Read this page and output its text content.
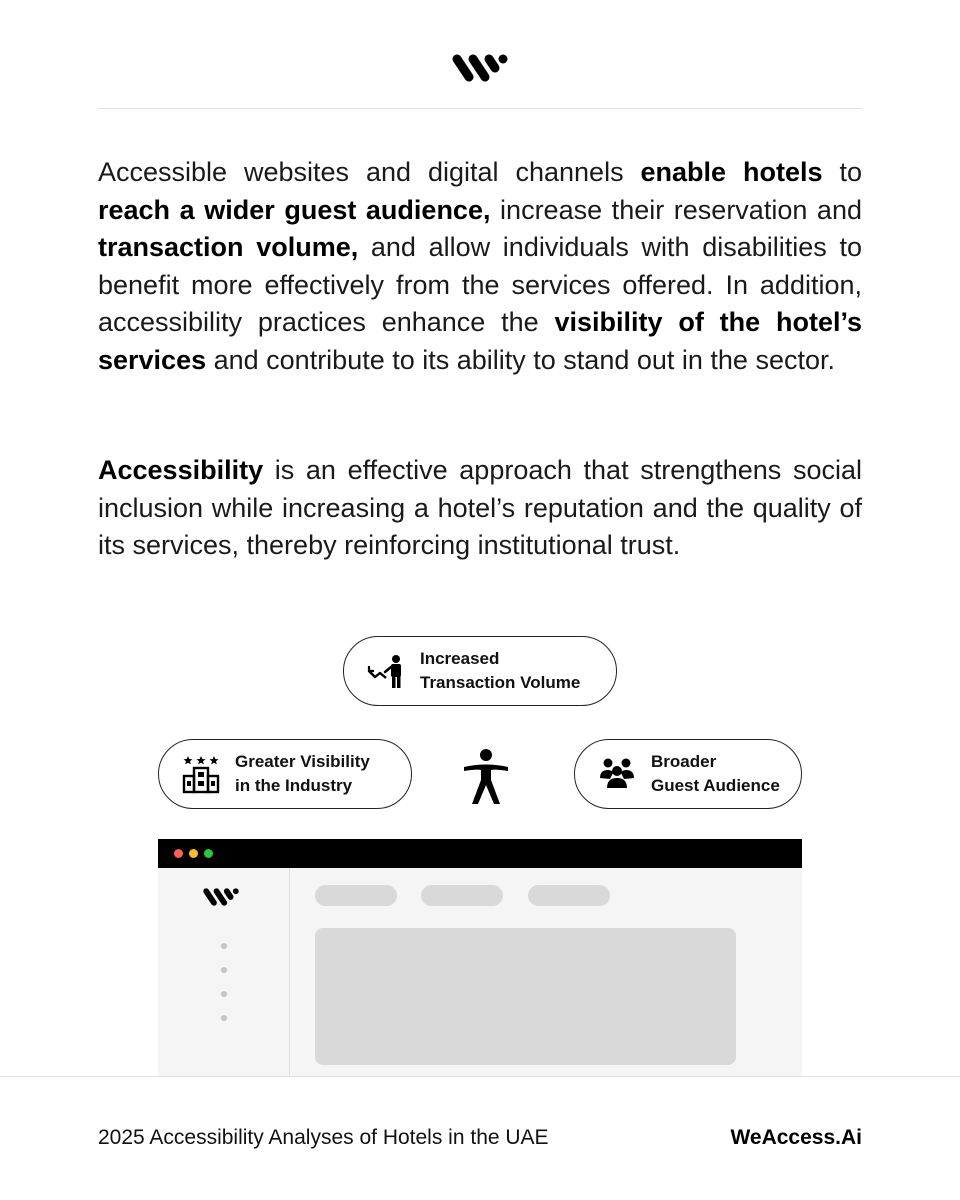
Accessible websites and digital channels enable hotels to reach a wider guest audience, increase their reservation and transaction volume, and allow individuals with disabilities to benefit more effectively from the services offered. In addition, accessibility practices enhance the visibility of the hotel’s services and contribute to its ability to stand out in the sector.

Accessibility is an effective approach that strengthens social inclusion while increasing a hotel’s reputation and the quality of its services, thereby reinforcing institutional trust.

Increased
Transaction Volume
Greater Visibility
in the Industry
Broader
Guest Audience
2025 Accessibility Analyses of Hotels in the UAE	WeAccess.Ai
